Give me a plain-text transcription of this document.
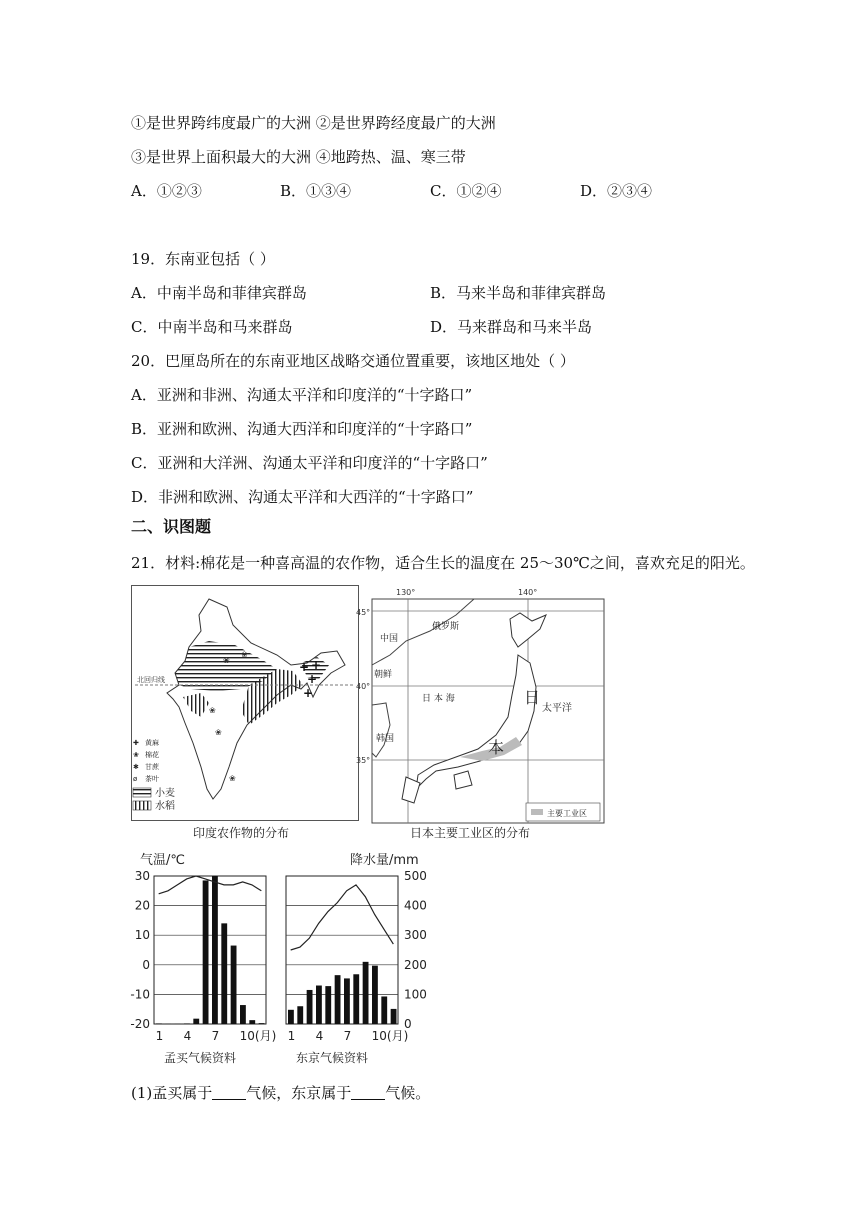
①是世界跨纬度最广的大洲 ②是世界跨经度最广的大洲
③是世界上面积最大的大洲 ④地跨热、温、寒三带
A．①②③	B．①③④	C．①②④	D．②③④
19．东南亚包括（ ）
A．中南半岛和菲律宾群岛	B．马来半岛和菲律宾群岛
C．中南半岛和马来群岛	D．马来群岛和马来半岛
20．巴厘岛所在的东南亚地区战略交通位置重要，该地区地处（ ）
A．亚洲和非洲、沟通太平洋和印度洋的“十字路口”
B．亚洲和欧洲、沟通大西洋和印度洋的“十字路口”
C．亚洲和大洋洲、沟通太平洋和印度洋的“十字路口”
D．非洲和欧洲、沟通太平洋和大西洋的“十字路口”
二、识图题
21．材料:棉花是一种喜高温的农作物，适合生长的温度在 25～30℃之间，喜欢充足的阳光。
+ +
+
+
❀
❀
❀
❀
❀
北回归线
✚ 黄麻
❀ 棉花
✱ 甘蔗
ø 茶叶
小麦
水稻
印度农作物的分布
130°	140°
45°
40°
35°
中国
俄罗斯
朝鲜
日 本 海
太平洋
韩国
日
本
主要工业区
日本主要工业区的分布
1 4 7 10(月)
孟买气候资料
1 4 7 10(月)
东京气候资料
30
20
10
0
-10
-20
气温/℃
500
400
300
200
100
0
降水量/mm
(1)孟买属于 气候，东京属于 气候。
